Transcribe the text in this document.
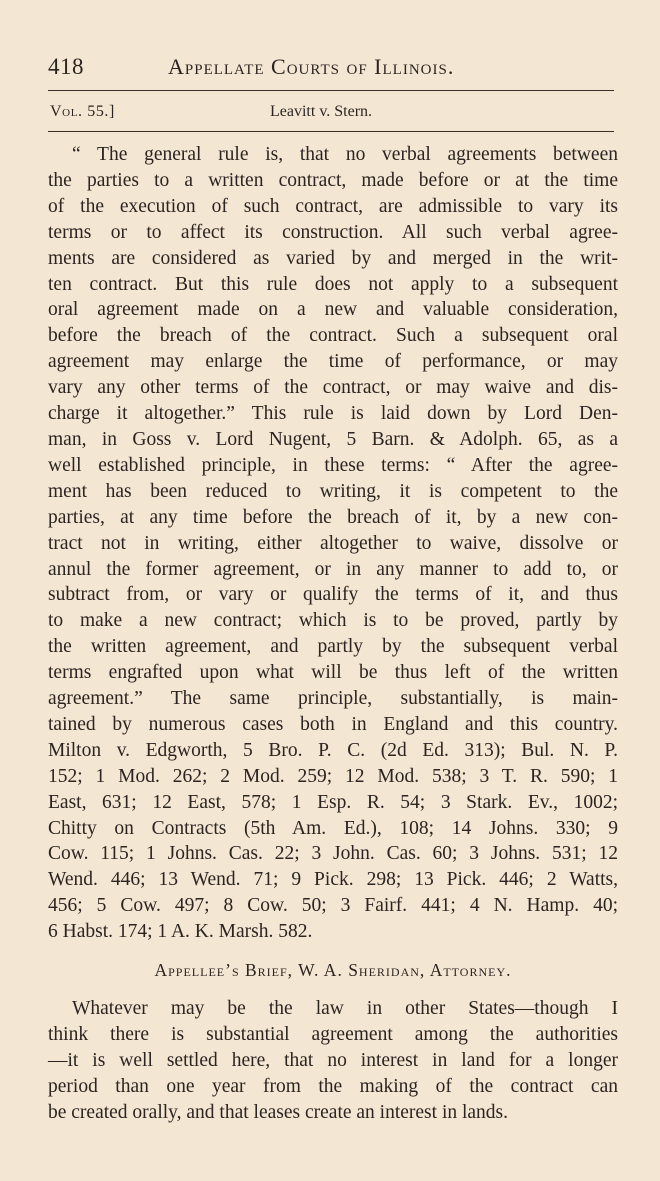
418	Appellate Courts of Illinois.
Vol. 55.]	Leavitt v. Stern.
“ The general rule is, that no verbal agreements between
the parties to a written contract, made before or at the time
of the execution of such contract, are admissible to vary its
terms or to affect its construction. All such verbal agree-
ments are considered as varied by and merged in the writ-
ten contract. But this rule does not apply to a subsequent
oral agreement made on a new and valuable consideration,
before the breach of the contract. Such a subsequent oral
agreement may enlarge the time of performance, or may
vary any other terms of the contract, or may waive and dis-
charge it altogether.” This rule is laid down by Lord Den-
man, in Goss v. Lord Nugent, 5 Barn. & Adolph. 65, as a
well established principle, in these terms: “ After the agree-
ment has been reduced to writing, it is competent to the
parties, at any time before the breach of it, by a new con-
tract not in writing, either altogether to waive, dissolve or
annul the former agreement, or in any manner to add to, or
subtract from, or vary or qualify the terms of it, and thus
to make a new contract; which is to be proved, partly by
the written agreement, and partly by the subsequent verbal
terms engrafted upon what will be thus left of the written
agreement.” The same principle, substantially, is main-
tained by numerous cases both in England and this country.
Milton v. Edgworth, 5 Bro. P. C. (2d Ed. 313); Bul. N. P.
152; 1 Mod. 262; 2 Mod. 259; 12 Mod. 538; 3 T. R. 590; 1
East, 631; 12 East, 578; 1 Esp. R. 54; 3 Stark. Ev., 1002;
Chitty on Contracts (5th Am. Ed.), 108; 14 Johns. 330; 9
Cow. 115; 1 Johns. Cas. 22; 3 John. Cas. 60; 3 Johns. 531; 12
Wend. 446; 13 Wend. 71; 9 Pick. 298; 13 Pick. 446; 2 Watts,
456; 5 Cow. 497; 8 Cow. 50; 3 Fairf. 441; 4 N. Hamp. 40;
6 Habst. 174; 1 A. K. Marsh. 582.
Appellee’s Brief, W. A. Sheridan, Attorney.
Whatever may be the law in other States—though I
think there is substantial agreement among the authorities
—it is well settled here, that no interest in land for a longer
period than one year from the making of the contract can
be created orally, and that leases create an interest in lands.
